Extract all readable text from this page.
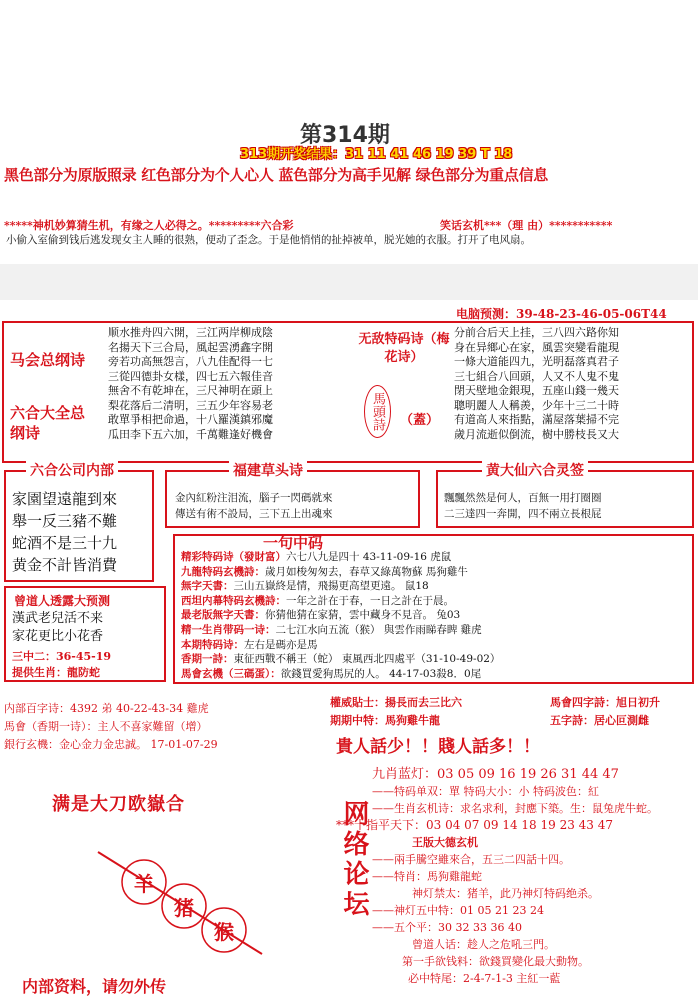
第314期
313期开奖结果：31 11 41 46 19 39 T 18
黑色部分为原版照录 红色部分为个人心人 蓝色部分为高手见解 绿色部分为重点信息
*****神机妙算猜生机，有缘之人必得之。*********六合彩	笑话玄机***（理 由）***********
小偷入室偷到钱后逃发现女主人睡的很熟，便动了歪念。于是他悄悄的扯掉被单，脱光她的衣服。打开了电风扇。
电脑预测：39-48-23-46-05-06T44
马会总纲诗
六合大全总纲诗
顺水推舟四六開，三江两岸柳成陰
名揚天下三合局，風起雲湧鑫字開
旁若功高無怨言，八九佳配得一七
三從四德卦女樣，四七五六報佳音
無舍不有乾坤在，三尺神明在頭上
梨花落后二清明，三五少年容易老
敢單爭相把命過，十八羅漢鎮邪魔
瓜田李下五六加，千萬難逢好機會
无敌特码诗（梅花诗）
馬頭詩	（蓋）
分前合后天上挂，三八四六路你知
身在异鄉心在家，風雲突變看龍現
一條大道能四九，光明磊落真君子
三七組合八回頭，人又不人鬼不鬼
閉天壁地金銀現，五座山錢一幾天
聰明麗人人稱羨，少年十三二十時
有道高人來指點，滿屋落葉掃不完
歲月流逝似倒流，樹中勝枝長又大
六合公司内部
家園望遠龍到來
舉一反三豬不難
蛇酒不是三十九
黄金不計皆消費
福建草头诗
金內紅粉注泪流，腦子一閃碼就來
傳送有術不設局，三下五上出魂來
黄大仙六合灵签
飄飄然然是何人，百無一用打圈圈
二三達四一奔開，四不兩立長根屁
一句中码
精彩特码诗（發財富）六七八九是四十 43-11-09-16 虎鼠
九龍特码玄機詩：歲月如梭匆匆去，春草又綠萬物蘇 馬狗雞牛
無字天書：三山五嶽終是情，飛揚更高望更遠。 鼠18
西坦内幕特码玄機詩：一年之計在于春，一日之計在于晨。
最老版無字天書：你猜他猜在家猜，雲中藏身不見音。 兔03
精一生肖带码一诗：二七江水向五流（猴） 與雲作雨睇春睥 雞虎
本期特码诗：左右是碼亦是馬
香期一詩：東征西戰不稱王（蛇） 東風西北四處平（31-10-49-02）
馬會玄機（三碼蛋）：欲錢買愛狗馬尻的人。 44-17-03殺8．0尾
曾道人透露大预测
漢武老兒活不来
家花更比小花香
三中二：36-45-19
提供生肖：龍防蛇
内部百字诗：4392 弟 40-22-43-34 雞虎
馬會（香期一诗）：主人不喜家難留（增）
銀行玄機：金心金力金忠誠。 17-01-07-29
權威貼士：揚長而去三比六	馬會四字詩：旭日初升
期期中特：馬狗雞牛龍	五字詩：居心叵測雌
貴人話少！！賤人話多！！
满是大刀欧嶽合
羊
猪
猴
内部资料，请勿外传
网络论坛
九肖蓝灯：03 05 09 16 19 26 31 44 47
——特码单双：單 特码大小：小 特码波色：紅
——生肖玄机诗：求名求利，封應下築。生：鼠兔虎牛蛇。
***十指平天下：03 04 07 09 14 18 19 23 43 47
王版大德玄机
——兩手騰空雖來合，五三二四話十四。
——特肖：馬狗雞龍蛇
神灯禁太：猪羊，此乃神灯特码绝杀。
——神灯五中特：01 05 21 23 24
——五个平：30 32 33 36 40
曾道人话：趁人之危吼三門。
第一手欲钱料：欲錢買變化最大動物。
必中特尾：2-4-7-1-3 主紅一藍
